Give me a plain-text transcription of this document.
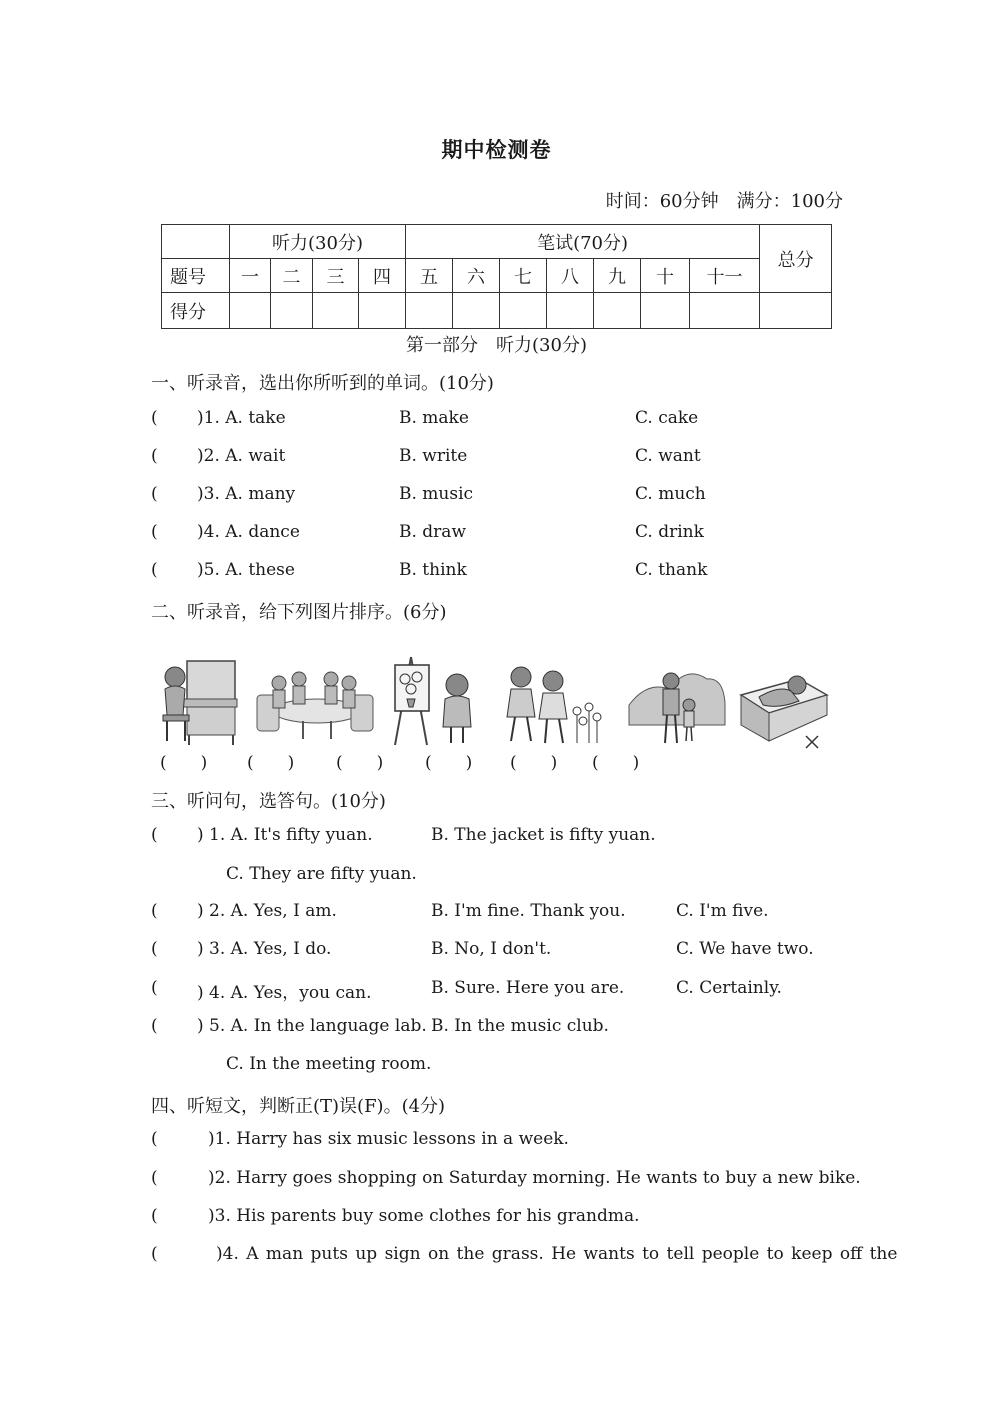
期中检测卷
时间：60分钟　 满分：100分
	听力(30分)				笔试(70分)							总分
题号	一	二	三	四	五	六	七	八	九	十	十一	
得分												
第一部分　听力(30分)
一、听录音，选出你所听到的单词。(10分)
( )1. A. take	B. make	C. cake
( )2. A. wait	B. write	C. want
( )3. A. many	B. music	C. much
( )4. A. dance	B. draw	C. drink
( )5. A. these	B. think	C. thank
二、听录音，给下列图片排序。(6分)
(　　) (　　) (　　) (　　) (　　) (　　)
三、听问句，选答句。(10分)
( ) 1. A. It's fifty yuan.	B. The jacket is fifty yuan.
C. They are fifty yuan.
( ) 2. A. Yes, I am.	B. I'm fine. Thank you.	C. I'm five.
( ) 3. A. Yes, I do.	B. No, I don't.	C. We have two.
( ) 4. A. Yes，you can.	B. Sure. Here you are.	C. Certainly.
( ) 5. A. In the language lab. B. In the music club.
C. In the meeting room.
四、听短文，判断正(T)误(F)。(4分)
(	)1. Harry has six music lessons in a week.
(	)2. Harry goes shopping on Saturday morning. He wants to buy a new bike.
(	)3. His parents buy some clothes for his grandma.
(	)4. A man puts up sign on the grass. He wants to tell people to keep off the
